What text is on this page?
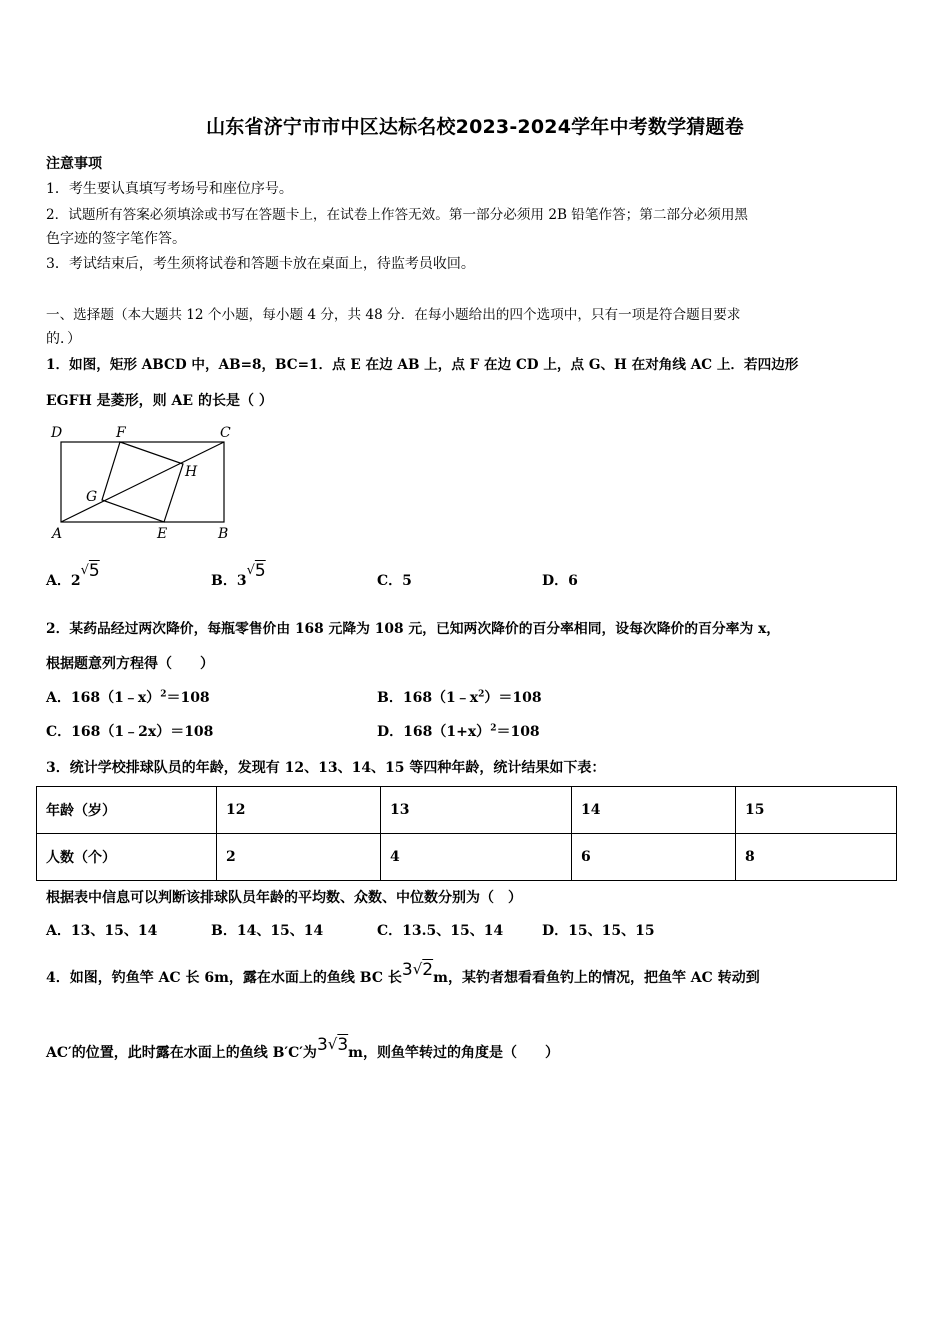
山东省济宁市市中区达标名校2023-2024学年中考数学猜题卷
注意事项
1．考生要认真填写考场号和座位序号。
2．试题所有答案必须填涂或书写在答题卡上，在试卷上作答无效。第一部分必须用 2B 铅笔作答；第二部分必须用黑
色字迹的签字笔作答。
3．考试结束后，考生须将试卷和答题卡放在桌面上，待监考员收回。
一、选择题（本大题共 12 个小题，每小题 4 分，共 48 分．在每小题给出的四个选项中，只有一项是符合题目要求
的．）
1．如图，矩形 ABCD 中，AB=8，BC=1．点 E 在边 AB 上，点 F 在边 CD 上，点 G、H 在对角线 AC 上．若四边形
EGFH 是菱形，则 AE 的长是（ ）
D	F	C
G
H
A	E	B
A．2√5	B．3√5	C．5	D．6
2．某药品经过两次降价，每瓶零售价由 168 元降为 108 元，已知两次降价的百分率相同，设每次降价的百分率为 x，
根据题意列方程得（　　）
A．168（1﹣x）$^2$＝108	B．$168(1﹣x^2)=108$
C．168（1﹣2x）＝108	D．$168(1+x)^2=108$
3．统计学校排球队员的年龄，发现有 12、13、14、15 等四种年龄，统计结果如下表：
年龄（岁）	12	13	14	15
人数（个）	2	4	6	8
根据表中信息可以判断该排球队员年龄的平均数、众数、中位数分别为（　）
A．13、15、14	B．14、15、14	C．13.5、15、14	D．15、15、15
4．如图，钓鱼竿 AC 长 6m，露在水面上的鱼线 BC 长3√2m，某钓者想看看鱼钓上的情况，把鱼竿 AC 转动到
AC′的位置，此时露在水面上的鱼线 B′C′为3√3m，则鱼竿转过的角度是（　　）
